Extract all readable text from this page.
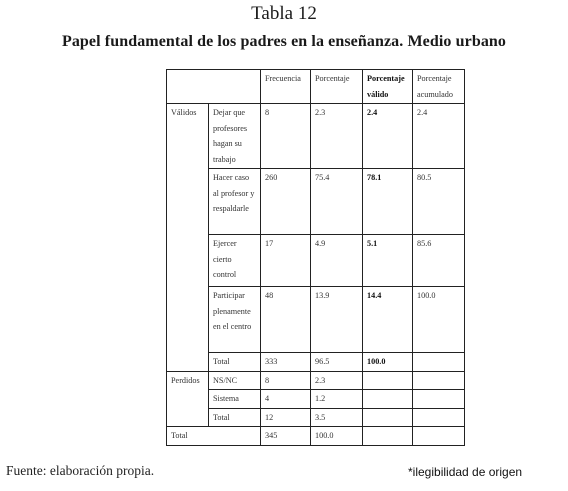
Tabla 12
Papel fundamental de los padres en la enseñanza. Medio urbano
		Frecuencia	Porcentaje	Porcentaje válido	Porcentaje acumulado
Válidos	Dejar que profesores hagan su trabajo	8	2.3	2.4	2.4
	Hacer caso al profesor y respaldarle	260	75.4	78.1	80.5
	Ejercer cierto control	17	4.9	5.1	85.6
	Participar plenamente en el centro	48	13.9	14.4	100.0
	Total	333	96.5	100.0	
Perdidos	NS/NC	8	2.3		
	Sistema	4	1.2		
	Total	12	3.5		
Total		345	100.0		
Fuente: elaboración propia.	*ilegibilidad de origen
